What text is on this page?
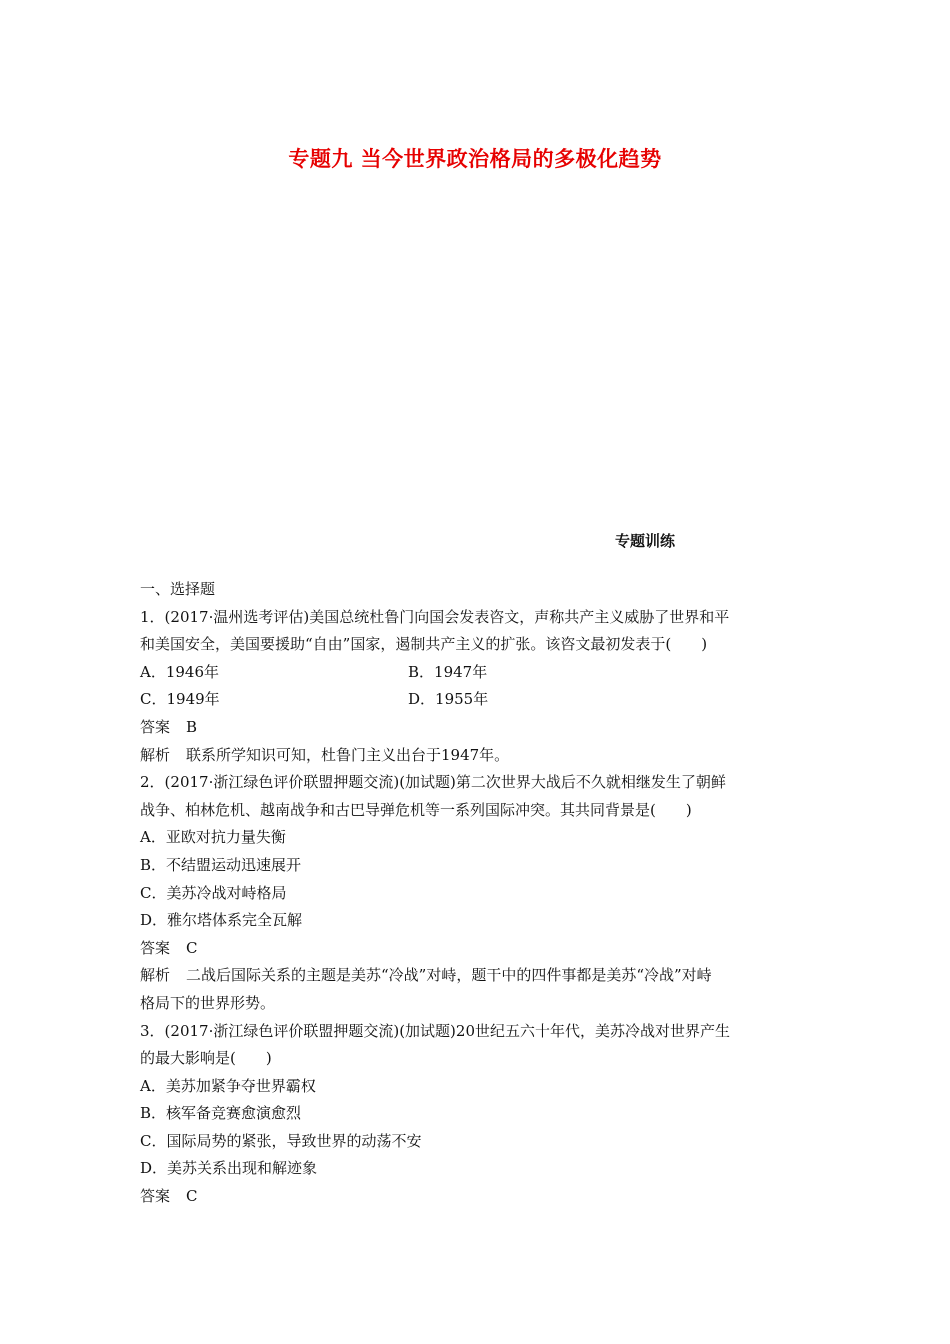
专题九 当今世界政治格局的多极化趋势
专题训练
一、选择题
1．(2017·温州选考评估)美国总统杜鲁门向国会发表咨文，声称共产主义威胁了世界和平
和美国安全，美国要援助“自由”国家，遏制共产主义的扩张。该咨文最初发表于(　　)
A．1946年	B．1947年
C．1949年	D．1955年
答案 B
解析 联系所学知识可知，杜鲁门主义出台于1947年。
2．(2017·浙江绿色评价联盟押题交流)(加试题)第二次世界大战后不久就相继发生了朝鲜
战争、柏林危机、越南战争和古巴导弹危机等一系列国际冲突。其共同背景是(　　)
A．亚欧对抗力量失衡
B．不结盟运动迅速展开
C．美苏冷战对峙格局
D．雅尔塔体系完全瓦解
答案 C
解析 二战后国际关系的主题是美苏“冷战”对峙，题干中的四件事都是美苏“冷战”对峙
格局下的世界形势。
3．(2017·浙江绿色评价联盟押题交流)(加试题)20世纪五六十年代，美苏冷战对世界产生
的最大影响是(　　)
A．美苏加紧争夺世界霸权
B．核军备竞赛愈演愈烈
C．国际局势的紧张，导致世界的动荡不安
D．美苏关系出现和解迹象
答案 C
